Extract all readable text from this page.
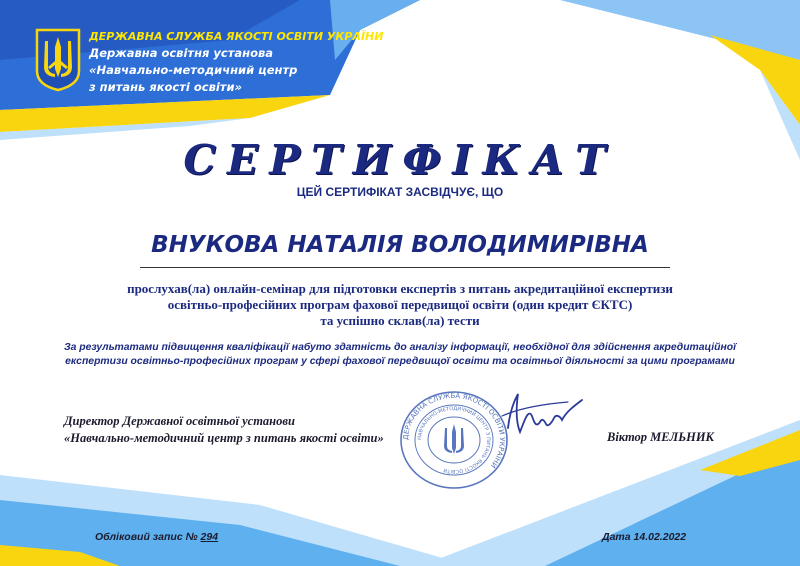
ДЕРЖАВНА СЛУЖБА ЯКОСТІ ОСВІТИ УКРАЇНИ
Державна освітня установа
«Навчально-методичний центр
з питань якості освіти»
СЕРТИФІКАТ
ЦЕЙ СЕРТИФІКАТ ЗАСВІДЧУЄ, ЩО
ВНУКОВА НАТАЛІЯ ВОЛОДИМИРІВНА
прослухав(ла) онлайн-семінар для підготовки експертів з питань акредитаційної експертизи
освітньо-професійних програм фахової передвищої освіти (один кредит ЄКТС)
та успішно склав(ла) тести
За результатами підвищення кваліфікації набуто здатність до аналізу інформації, необхідної для здійснення акредитаційної
експертизи освітньо-професійних програм у сфері фахової передвищої освіти та освітньої діяльності за цими програмами
Директор Державної освітньої установи
«Навчально-методичний центр з питань якості освіти»	Віктор МЕЛЬНИК
ДЕРЖАВНА СЛУЖБА ЯКОСТІ ОСВІТИ УКРАЇНИ
НАВЧАЛЬНО-МЕТОДИЧНИЙ ЦЕНТР З ПИТАНЬ ЯКОСТІ ОСВІТИ
Обліковий запис № 294	Дата 14.02.2022
